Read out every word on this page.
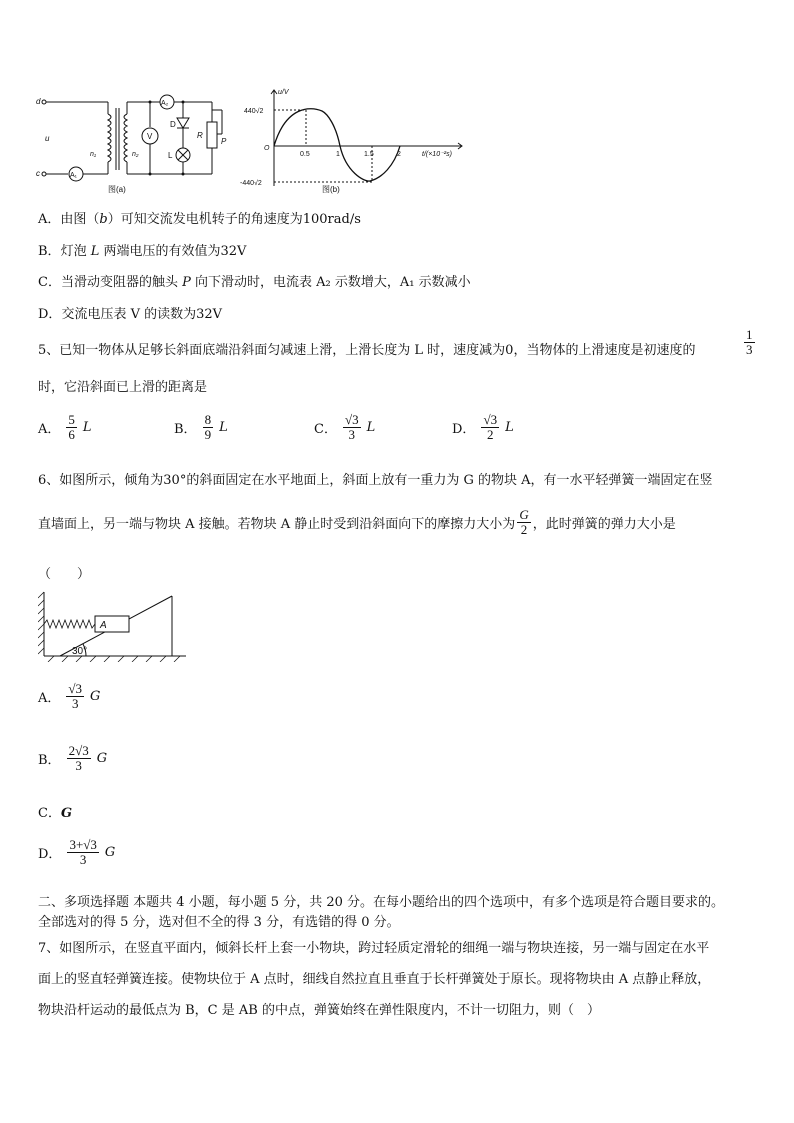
d
c
u
n₁	n₂
A₁
A₂
V
D
L
R
P
图(a)
u/V
t/(×10⁻²s)
O
440√2
-440√2
0.5	1	1.5	2
图(b)
A．由图（b）可知交流发电机转子的角速度为100rad/s
B．灯泡 L 两端电压的有效值为32V
C．当滑动变阻器的触头 P 向下滑动时，电流表 A₂ 示数增大，A₁ 示数减小
D．交流电压表 V 的读数为32V
5、已知一物体从足够长斜面底端沿斜面匀减速上滑，上滑长度为 L 时，速度减为0，当物体的上滑速度是初速度的	$\frac{1}{3}$
时，它沿斜面已上滑的距离是
A． $\frac{5}{6}$ L	B． $\frac{8}{9}$ L	C． $\frac{√3}{3}$ L	D． $\frac{√3}{2}$ L
6、如图所示，倾角为30°的斜面固定在水平地面上，斜面上放有一重力为 G 的物块 A，有一水平轻弹簧一端固定在竖
直墙面上，另一端与物块 A 接触。若物块 A 静止时受到沿斜面向下的摩擦力大小为 $\frac{G}{2}$ ，此时弹簧的弹力大小是
（　　）
A
30°
A． $\frac{√3}{3}$ G
B． $\frac{2√3}{3}$ G
C．G
D． $\frac{3+√3}{3}$ G
二、多项选择题 本题共 4 小题，每小题 5 分，共 20 分。在每小题给出的四个选项中，有多个选项是符合题目要求的。
全部选对的得 5 分，选对但不全的得 3 分，有选错的得 0 分。
7、如图所示，在竖直平面内，倾斜长杆上套一小物块，跨过轻质定滑轮的细绳一端与物块连接，另一端与固定在水平
面上的竖直轻弹簧连接。使物块位于 A 点时，细线自然拉直且垂直于长杆弹簧处于原长。现将物块由 A 点静止释放，
物块沿杆运动的最低点为 B，C 是 AB 的中点，弹簧始终在弹性限度内，不计一切阻力，则（　）
